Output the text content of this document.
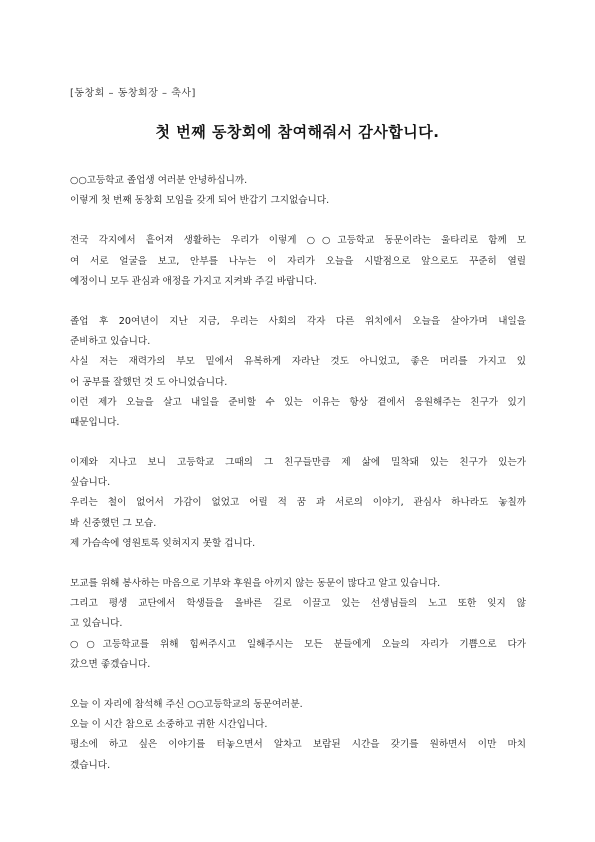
[동창회 – 동창회장 – 축사]
첫 번째 동창회에 참여해줘서 감사합니다.
○○고등학교 졸업생 여러분 안녕하십니까.
이렇게 첫 번째 동창회 모임을 갖게 되어 반갑기 그지없습니다.
전국 각지에서 흩어져 생활하는 우리가 이렇게 ○○고등학교 동문이라는 울타리로 함께 모
여 서로 얼굴을 보고, 안부를 나누는 이 자리가 오늘을 시발점으로 앞으로도 꾸준히 열릴
예정이니 모두 관심과 애정을 가지고 지켜봐 주길 바랍니다.
졸업 후 20여년이 지난 지금, 우리는 사회의 각자 다른 위치에서 오늘을 살아가며 내일을
준비하고 있습니다.
사실 저는 재력가의 부모 밑에서 유복하게 자라난 것도 아니었고, 좋은 머리를 가지고 있
어 공부를 잘했던 것 도 아니었습니다.
이런 제가 오늘을 살고 내일을 준비할 수 있는 이유는 항상 곁에서 응원해주는 친구가 있기
때문입니다.
이제와 지나고 보니 고등학교 그때의 그 친구들만큼 제 삶에 밀착돼 있는 친구가 있는가
싶습니다.
우리는 철이 없어서 가감이 없었고 어릴 적 꿈 과 서로의 이야기, 관심사 하나라도 놓칠까
봐 신중했던 그 모습.
제 가슴속에 영원토록 잊혀지지 못할 겁니다.
모교를 위해 봉사하는 마음으로 기부와 후원을 아끼지 않는 동문이 많다고 알고 있습니다.
그리고 평생 교단에서 학생들을 올바른 길로 이끌고 있는 선생님들의 노고 또한 잊지 않
고 있습니다.
○○고등학교를 위해 힘써주시고 일해주시는 모든 분들에게 오늘의 자리가 기쁨으로 다가
갔으면 좋겠습니다.
오늘 이 자리에 참석해 주신 ○○고등학교의 동문여러분.
오늘 이 시간 참으로 소중하고 귀한 시간입니다.
평소에 하고 싶은 이야기를 터놓으면서 알차고 보람된 시간을 갖기를 원하면서 이만 마치
겠습니다.
